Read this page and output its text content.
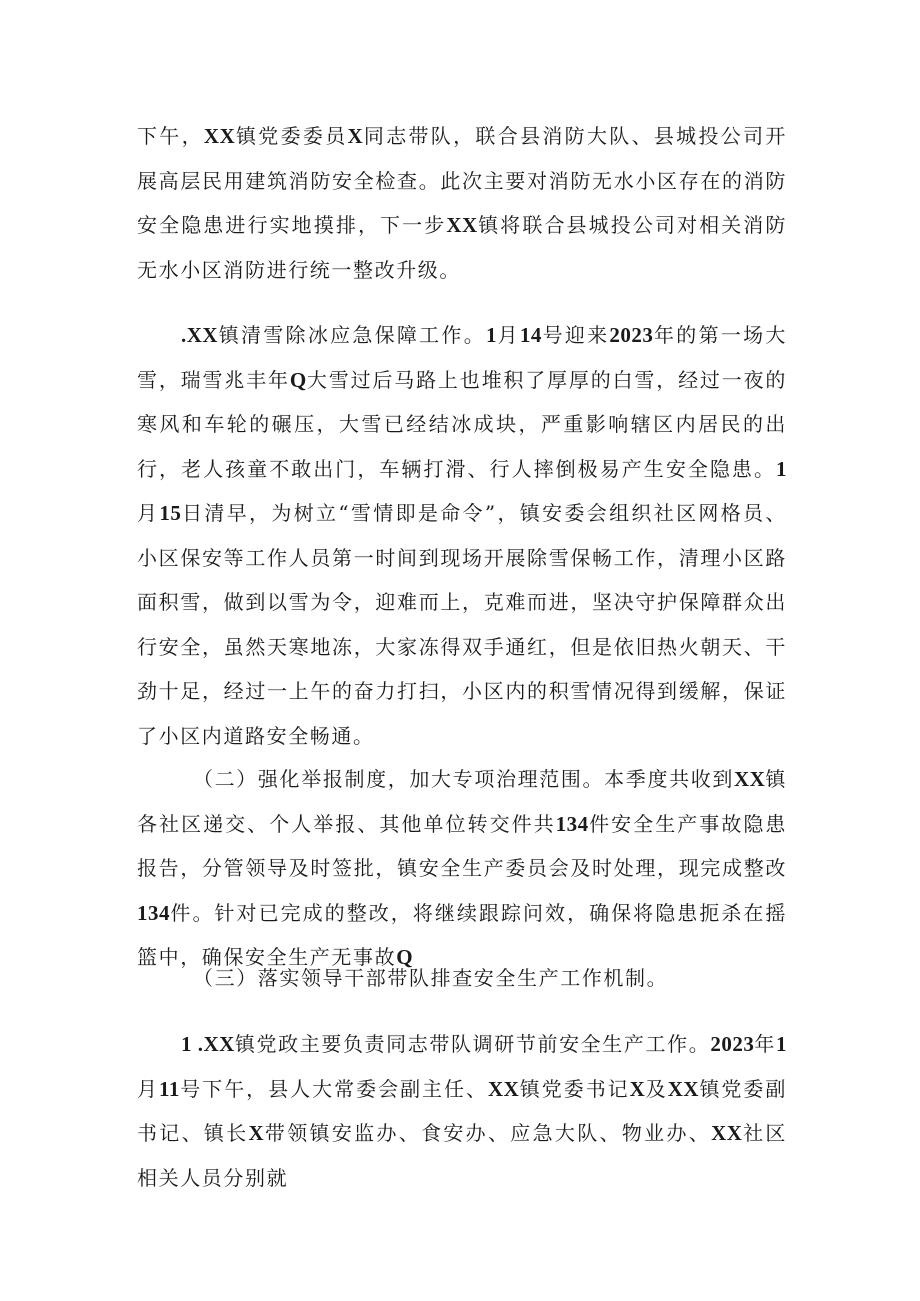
下午，XX镇党委委员X同志带队，联合县消防大队、县城投公司开展高层民用建筑消防安全检查。此次主要对消防无水小区存在的消防安全隐患进行实地摸排，下一步XX镇将联合县城投公司对相关消防无水小区消防进行统一整改升级。

.XX镇清雪除冰应急保障工作。1月14号迎来2023年的第一场大雪，瑞雪兆丰年Q大雪过后马路上也堆积了厚厚的白雪，经过一夜的寒风和车轮的碾压，大雪已经结冰成块，严重影响辖区内居民的出行，老人孩童不敢出门，车辆打滑、行人摔倒极易产生安全隐患。1月15日清早，为树立“雪情即是命令”，镇安委会组织社区网格员、小区保安等工作人员第一时间到现场开展除雪保畅工作，清理小区路面积雪，做到以雪为令，迎难而上，克难而进，坚决守护保障群众出行安全，虽然天寒地冻，大家冻得双手通红，但是依旧热火朝天、干劲十足，经过一上午的奋力打扫，小区内的积雪情况得到缓解，保证了小区内道路安全畅通。

（二）强化举报制度，加大专项治理范围。本季度共收到XX镇各社区递交、个人举报、其他单位转交件共134件安全生产事故隐患报告，分管领导及时签批，镇安全生产委员会及时处理，现完成整改134件。针对已完成的整改，将继续跟踪问效，确保将隐患扼杀在摇篮中，确保安全生产无事故Q

（三）落实领导干部带队排查安全生产工作机制。

1 .XX镇党政主要负责同志带队调研节前安全生产工作。2023年1月11号下午，县人大常委会副主任、XX镇党委书记X及XX镇党委副书记、镇长X带领镇安监办、食安办、应急大队、物业办、XX社区相关人员分别就
